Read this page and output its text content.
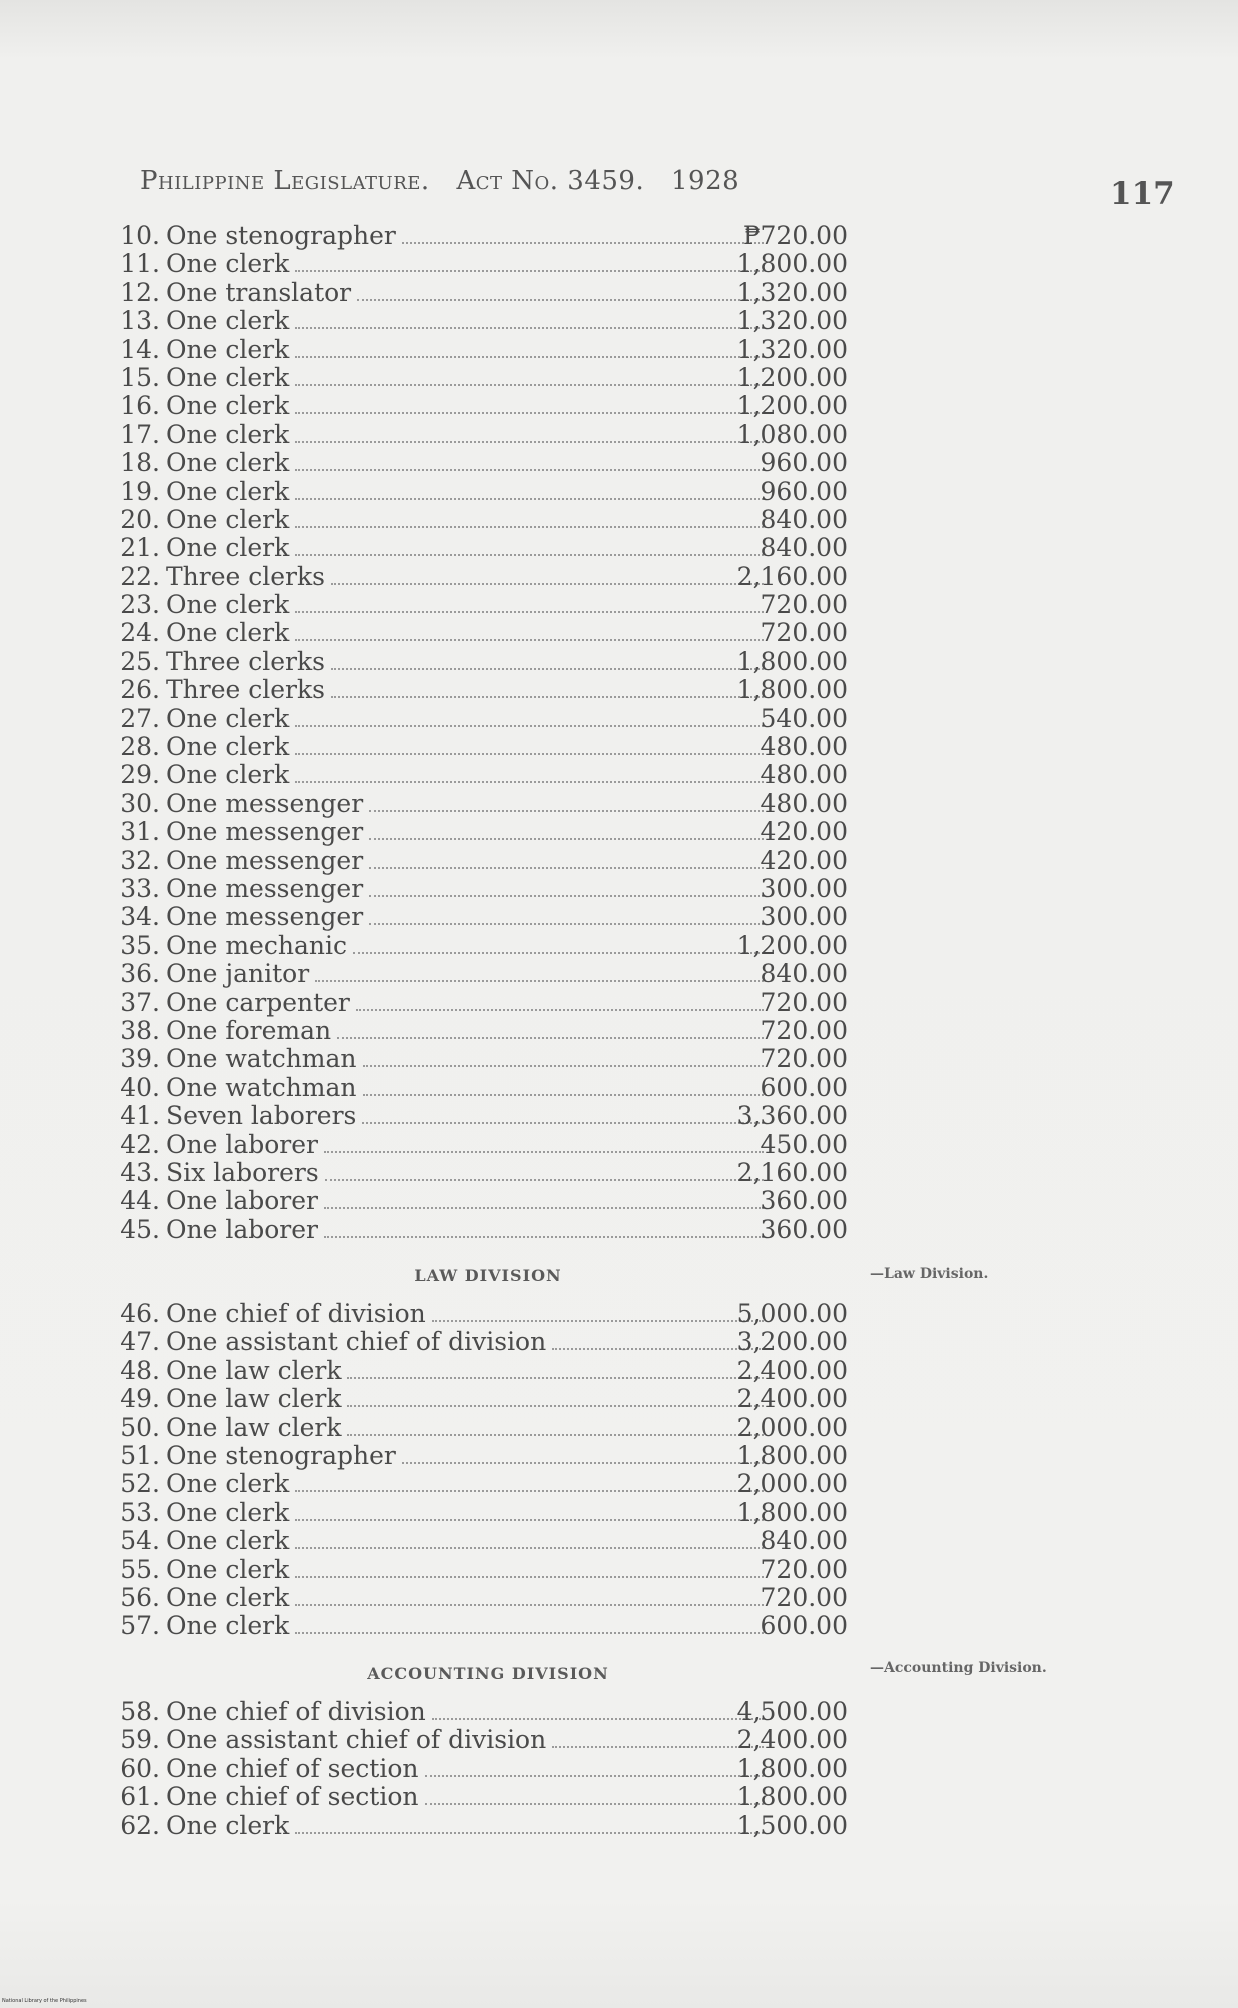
Philippine Legislature. Act No. 3459. 1928	117
10. One stenographer	₱720.00
11. One clerk	1,800.00
12. One translator	1,320.00
13. One clerk	1,320.00
14. One clerk	1,320.00
15. One clerk	1,200.00
16. One clerk	1,200.00
17. One clerk	1,080.00
18. One clerk	960.00
19. One clerk	960.00
20. One clerk	840.00
21. One clerk	840.00
22. Three clerks	2,160.00
23. One clerk	720.00
24. One clerk	720.00
25. Three clerks	1,800.00
26. Three clerks	1,800.00
27. One clerk	540.00
28. One clerk	480.00
29. One clerk	480.00
30. One messenger	480.00
31. One messenger	420.00
32. One messenger	420.00
33. One messenger	300.00
34. One messenger	300.00
35. One mechanic	1,200.00
36. One janitor	840.00
37. One carpenter	720.00
38. One foreman	720.00
39. One watchman	720.00
40. One watchman	600.00
41. Seven laborers	3,360.00
42. One laborer	450.00
43. Six laborers	2,160.00
44. One laborer	360.00
45. One laborer	360.00
LAW DIVISION	—Law Division.
46. One chief of division	5,000.00
47. One assistant chief of division	3,200.00
48. One law clerk	2,400.00
49. One law clerk	2,400.00
50. One law clerk	2,000.00
51. One stenographer	1,800.00
52. One clerk	2,000.00
53. One clerk	1,800.00
54. One clerk	840.00
55. One clerk	720.00
56. One clerk	720.00
57. One clerk	600.00
ACCOUNTING DIVISION	—Accounting Division.
58. One chief of division	4,500.00
59. One assistant chief of division	2,400.00
60. One chief of section	1,800.00
61. One chief of section	1,800.00
62. One clerk	1,500.00
National Library of the Philippines
